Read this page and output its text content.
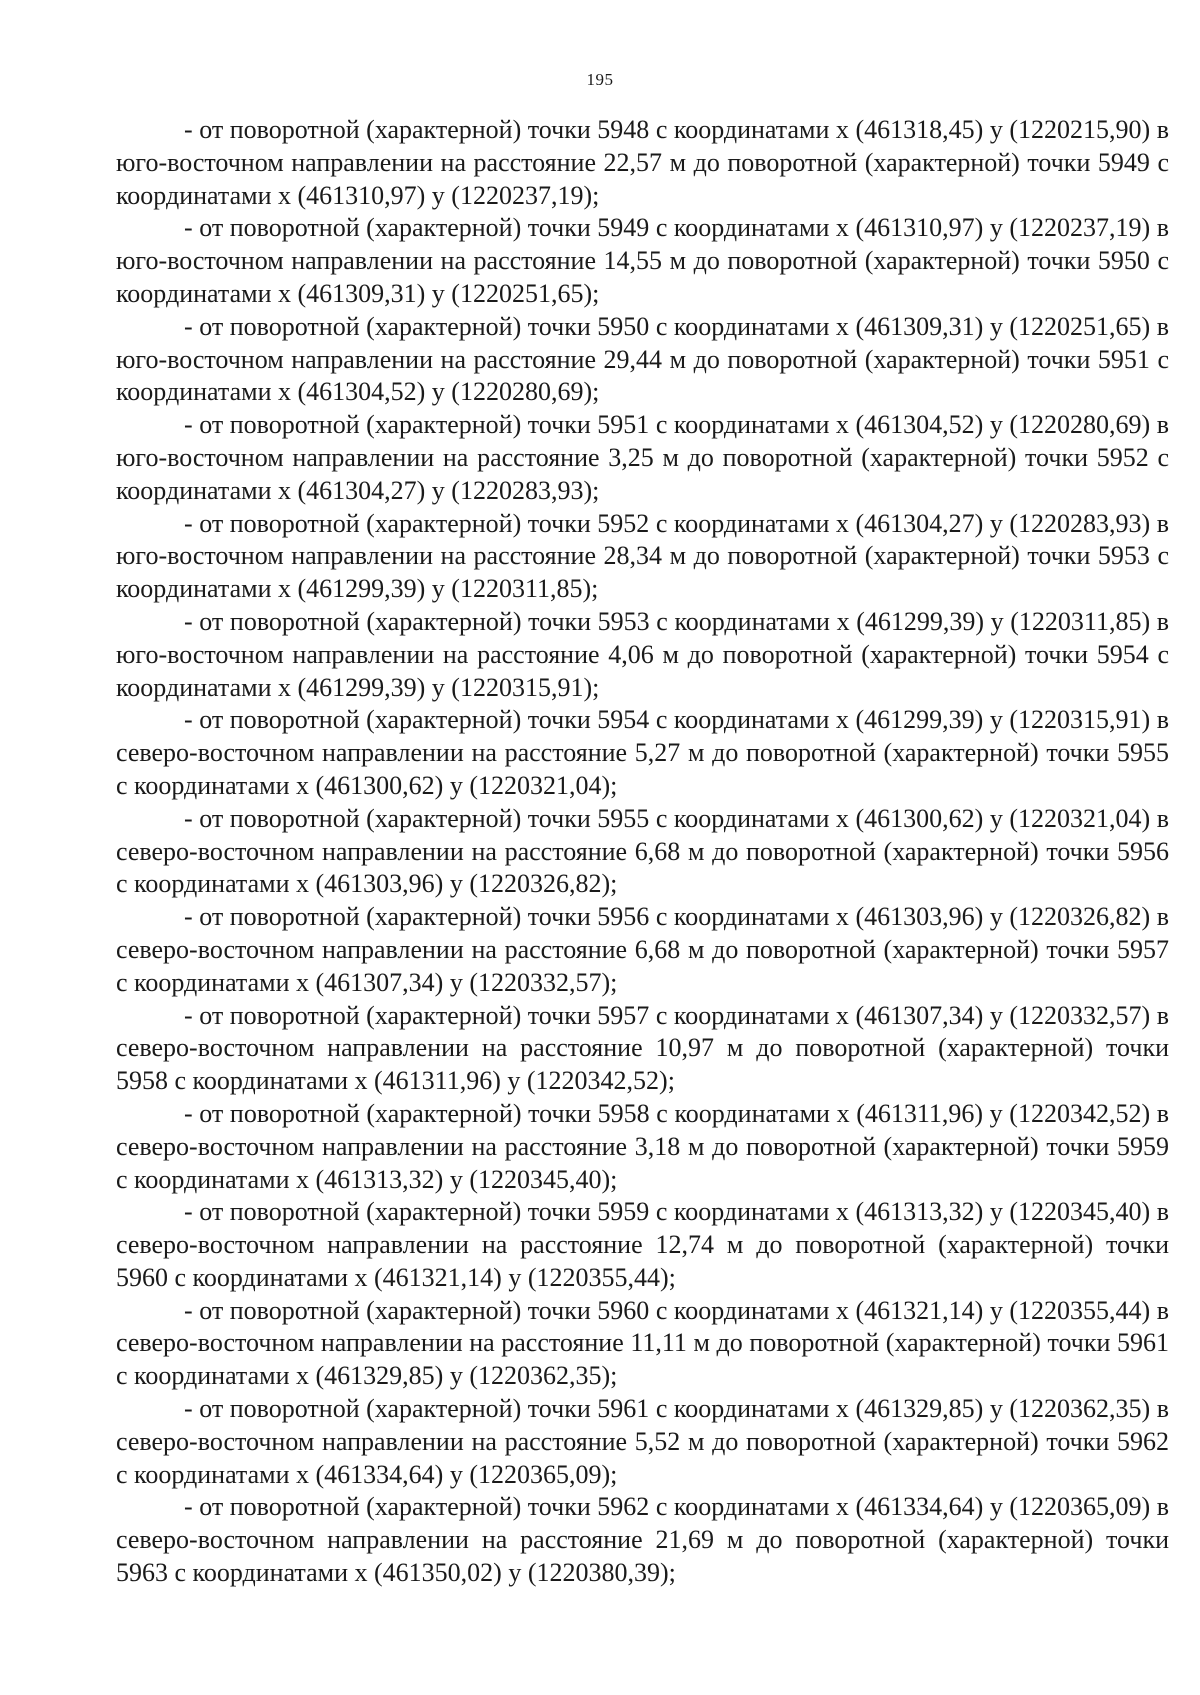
195

- от поворотной (характерной) точки 5948 с координатами x (461318,45) y (1220215,90) в юго-восточном направлении на расстояние 22,57 м до поворотной (характерной) точки 5949 с координатами x (461310,97) y (1220237,19);

- от поворотной (характерной) точки 5949 с координатами x (461310,97) y (1220237,19) в юго-восточном направлении на расстояние 14,55 м до поворотной (характерной) точки 5950 с координатами x (461309,31) y (1220251,65);

- от поворотной (характерной) точки 5950 с координатами x (461309,31) y (1220251,65) в юго-восточном направлении на расстояние 29,44 м до поворотной (характерной) точки 5951 с координатами x (461304,52) y (1220280,69);

- от поворотной (характерной) точки 5951 с координатами x (461304,52) y (1220280,69) в юго-восточном направлении на расстояние 3,25 м до поворотной (характерной) точки 5952 с координатами x (461304,27) y (1220283,93);

- от поворотной (характерной) точки 5952 с координатами x (461304,27) y (1220283,93) в юго-восточном направлении на расстояние 28,34 м до поворотной (характерной) точки 5953 с координатами x (461299,39) y (1220311,85);

- от поворотной (характерной) точки 5953 с координатами x (461299,39) y (1220311,85) в юго-восточном направлении на расстояние 4,06 м до поворотной (характерной) точки 5954 с координатами x (461299,39) y (1220315,91);

- от поворотной (характерной) точки 5954 с координатами x (461299,39) y (1220315,91) в северо-восточном направлении на расстояние 5,27 м до поворотной (характерной) точки 5955 с координатами x (461300,62) y (1220321,04);

- от поворотной (характерной) точки 5955 с координатами x (461300,62) y (1220321,04) в северо-восточном направлении на расстояние 6,68 м до поворотной (характерной) точки 5956 с координатами x (461303,96) y (1220326,82);

- от поворотной (характерной) точки 5956 с координатами x (461303,96) y (1220326,82) в северо-восточном направлении на расстояние 6,68 м до поворотной (характерной) точки 5957 с координатами x (461307,34) y (1220332,57);

- от поворотной (характерной) точки 5957 с координатами x (461307,34) y (1220332,57) в северо-восточном направлении на расстояние 10,97 м до поворотной (характерной) точки 5958 с координатами x (461311,96) y (1220342,52);

- от поворотной (характерной) точки 5958 с координатами x (461311,96) y (1220342,52) в северо-восточном направлении на расстояние 3,18 м до поворотной (характерной) точки 5959 с координатами x (461313,32) y (1220345,40);

- от поворотной (характерной) точки 5959 с координатами x (461313,32) y (1220345,40) в северо-восточном направлении на расстояние 12,74 м до поворотной (характерной) точки 5960 с координатами x (461321,14) y (1220355,44);

- от поворотной (характерной) точки 5960 с координатами x (461321,14) y (1220355,44) в северо-восточном направлении на расстояние 11,11 м до поворотной (характерной) точки 5961 с координатами x (461329,85) y (1220362,35);

- от поворотной (характерной) точки 5961 с координатами x (461329,85) y (1220362,35) в северо-восточном направлении на расстояние 5,52 м до поворотной (характерной) точки 5962 с координатами x (461334,64) y (1220365,09);

- от поворотной (характерной) точки 5962 с координатами x (461334,64) y (1220365,09) в северо-восточном направлении на расстояние 21,69 м до поворотной (характерной) точки 5963 с координатами x (461350,02) y (1220380,39);
